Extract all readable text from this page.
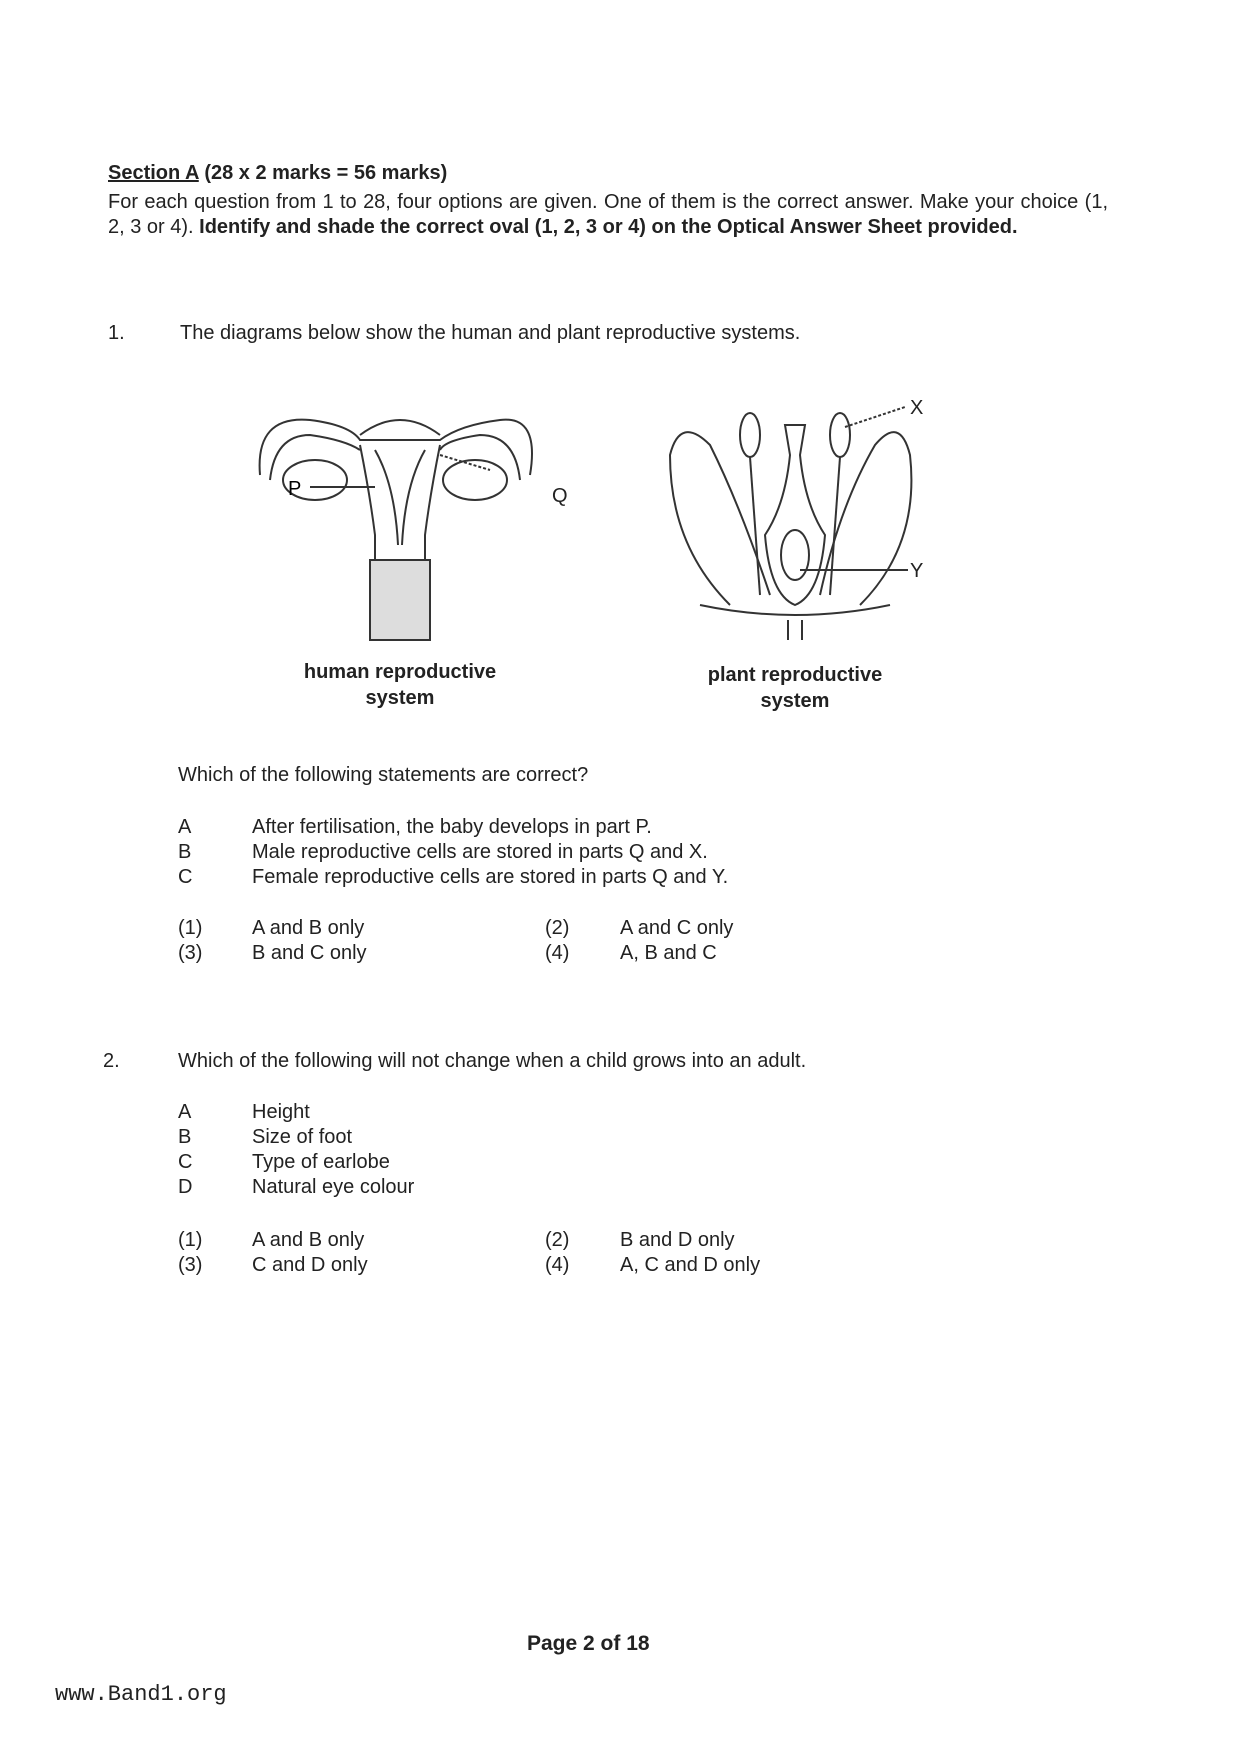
Section A (28 x 2 marks = 56 marks)
For each question from 1 to 28, four options are given. One of them is the correct answer. Make your choice (1, 2, 3 or 4). Identify and shade the correct oval (1, 2, 3 or 4) on the Optical Answer Sheet provided.
1.	The diagrams below show the human and plant reproductive systems.
P	Q
X
Y
human reproductive
system
plant reproductive
system
Which of the following statements are correct?
A	After fertilisation, the baby develops in part P.
B	Male reproductive cells are stored in parts Q and X.
C	Female reproductive cells are stored in parts Q and Y.
(1) A and B only	(2)	A and C only
(3) B and C only	(4)	A, B and C
2.	Which of the following will not change when a child grows into an adult.
A	Height
B	Size of foot
C	Type of earlobe
D	Natural eye colour
(1) A and B only	(2)	B and D only
(3) C and D only	(4)	A, C and D only
Page 2 of 18
www.Band1.org
